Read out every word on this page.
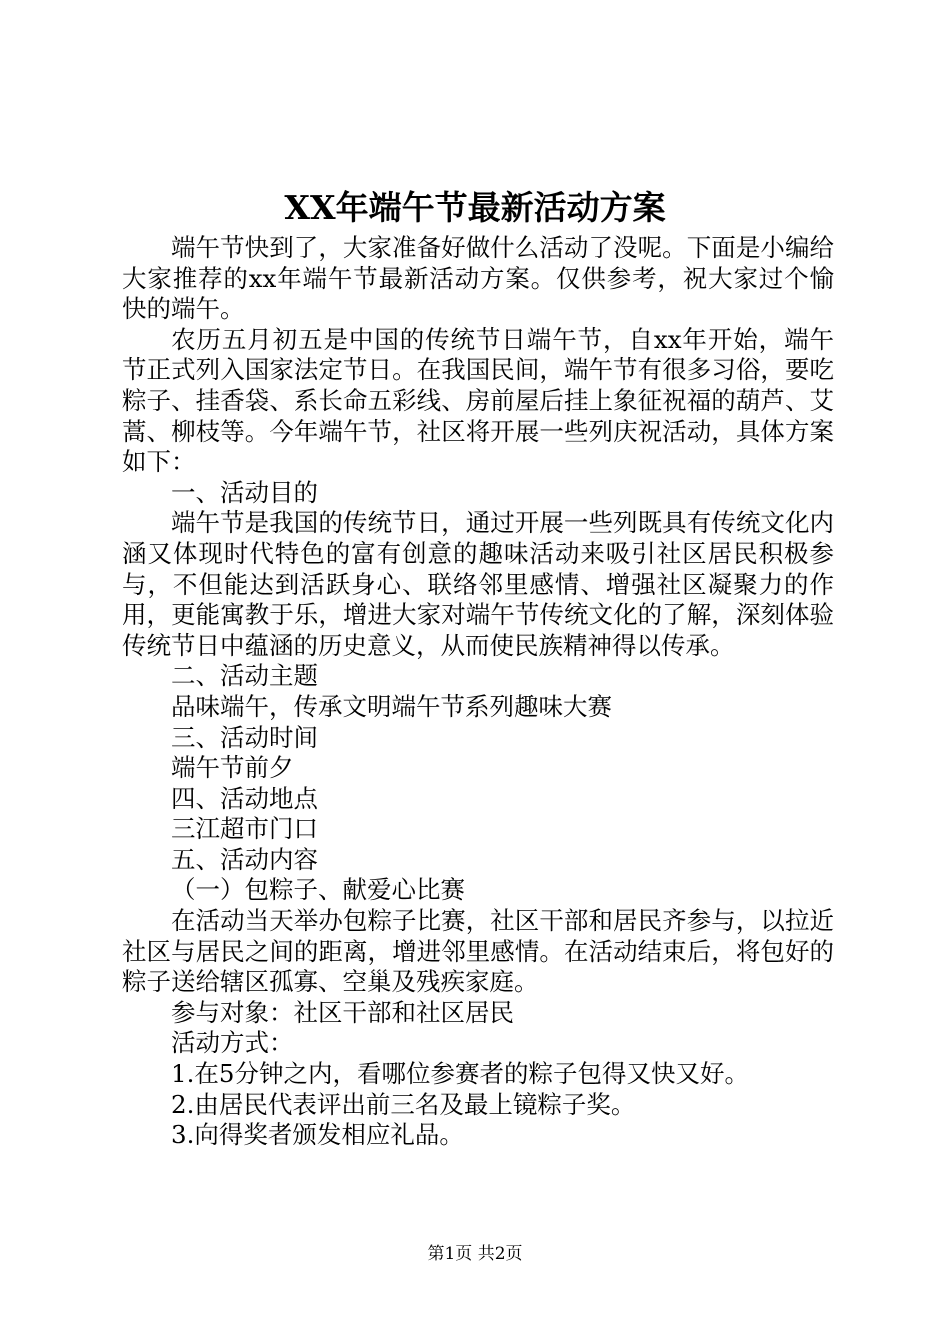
XX年端午节最新活动方案

端午节快到了，大家准备好做什么活动了没呢。下面是小编给大家推荐的xx年端午节最新活动方案。仅供参考，祝大家过个愉快的端午。

农历五月初五是中国的传统节日端午节，自xx年开始，端午节正式列入国家法定节日。在我国民间，端午节有很多习俗，要吃粽子、挂香袋、系长命五彩线、房前屋后挂上象征祝福的葫芦、艾蒿、柳枝等。今年端午节，社区将开展一些列庆祝活动，具体方案如下：

一、活动目的

端午节是我国的传统节日，通过开展一些列既具有传统文化内涵又体现时代特色的富有创意的趣味活动来吸引社区居民积极参与，不但能达到活跃身心、联络邻里感情、增强社区凝聚力的作用，更能寓教于乐，增进大家对端午节传统文化的了解，深刻体验传统节日中蕴涵的历史意义，从而使民族精神得以传承。

二、活动主题

品味端午，传承文明端午节系列趣味大赛

三、活动时间

端午节前夕

四、活动地点

三江超市门口

五、活动内容

（一）包粽子、献爱心比赛

在活动当天举办包粽子比赛，社区干部和居民齐参与，以拉近社区与居民之间的距离，增进邻里感情。在活动结束后，将包好的粽子送给辖区孤寡、空巢及残疾家庭。

参与对象：社区干部和社区居民

活动方式：

1.在5分钟之内，看哪位参赛者的粽子包得又快又好。

2.由居民代表评出前三名及最上镜粽子奖。

3.向得奖者颁发相应礼品。

第1页 共2页
